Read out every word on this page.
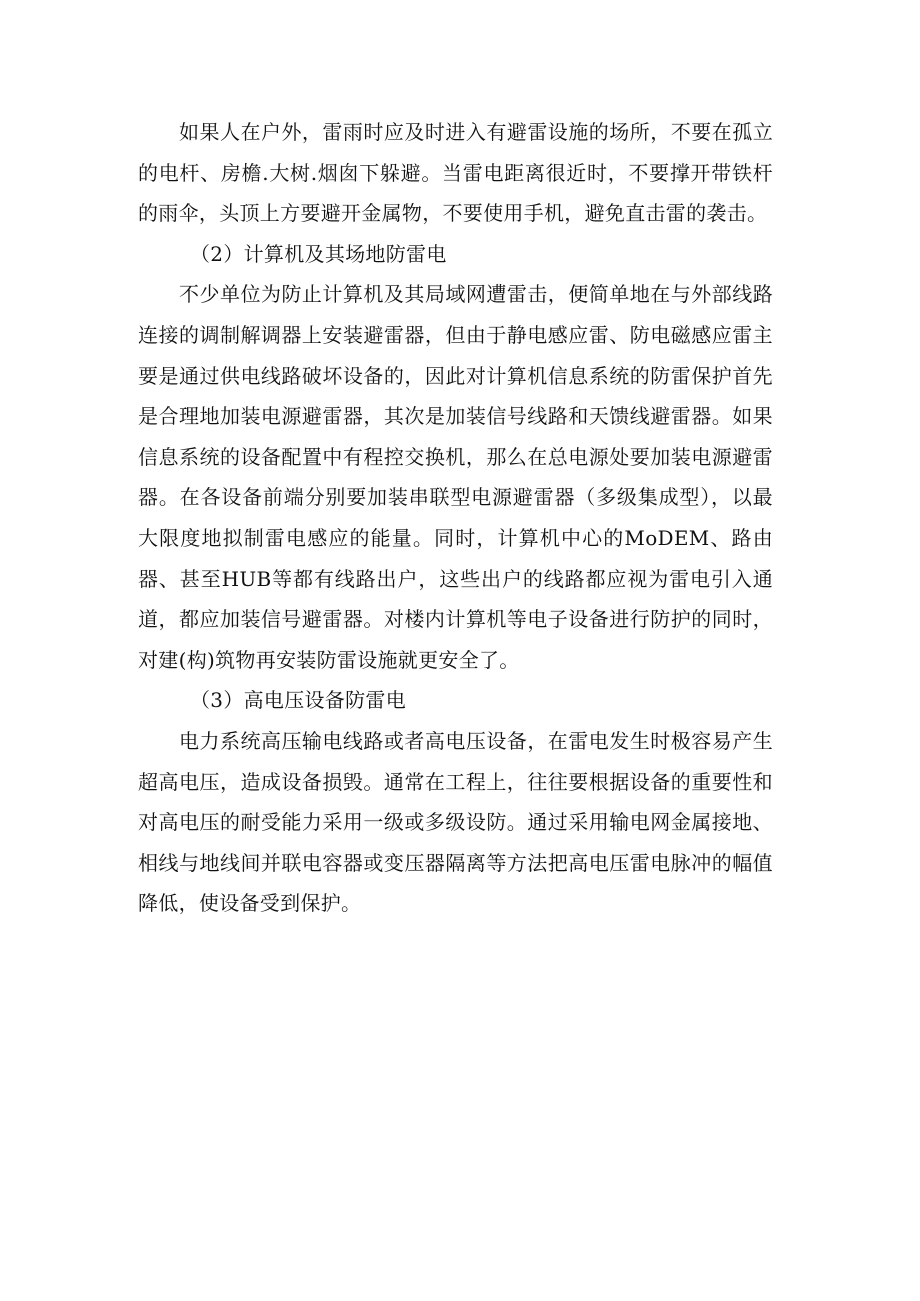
如果人在户外，雷雨时应及时进入有避雷设施的场所，不要在孤立的电杆、房檐.大树.烟囱下躲避。当雷电距离很近时，不要撑开带铁杆的雨伞，头顶上方要避开金属物，不要使用手机，避免直击雷的袭击。

（2）计算机及其场地防雷电

不少单位为防止计算机及其局域网遭雷击，便简单地在与外部线路连接的调制解调器上安装避雷器，但由于静电感应雷、防电磁感应雷主要是通过供电线路破坏设备的，因此对计算机信息系统的防雷保护首先是合理地加装电源避雷器，其次是加装信号线路和天馈线避雷器。如果信息系统的设备配置中有程控交换机，那么在总电源处要加装电源避雷器。在各设备前端分别要加装串联型电源避雷器（多级集成型），以最大限度地拟制雷电感应的能量。同时，计算机中心的MoDEM、路由器、甚至HUB等都有线路出户，这些出户的线路都应视为雷电引入通道，都应加装信号避雷器。对楼内计算机等电子设备进行防护的同时，对建(构)筑物再安装防雷设施就更安全了。

（3）高电压设备防雷电

电力系统高压输电线路或者高电压设备，在雷电发生时极容易产生超高电压，造成设备损毁。通常在工程上，往往要根据设备的重要性和对高电压的耐受能力采用一级或多级设防。通过采用输电网金属接地、相线与地线间并联电容器或变压器隔离等方法把高电压雷电脉冲的幅值降低，使设备受到保护。
